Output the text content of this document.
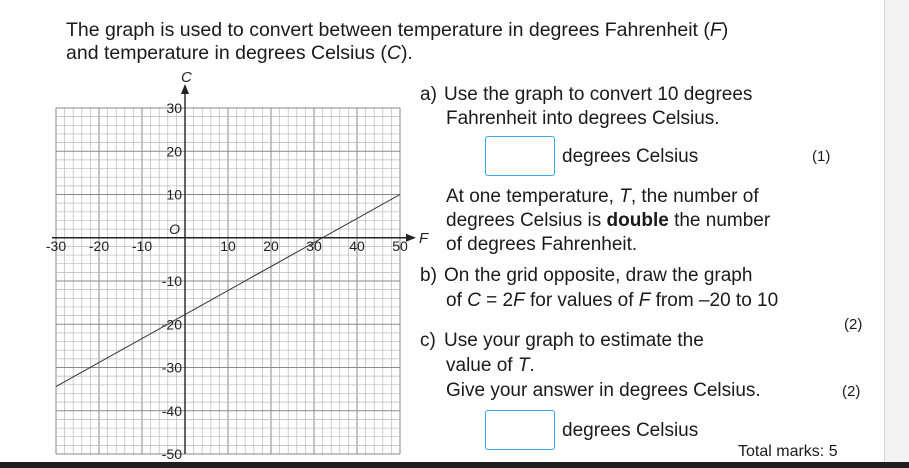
The graph is used to convert between temperature in degrees Fahrenheit (F)
and temperature in degrees Celsius (C).
F
C
-30 -20 -10	10 20 30 40 50
30
20
10
-10
-20
-30
-40
-50
O
a) Use the graph to convert 10 degrees
Fahrenheit into degrees Celsius.
degrees Celsius	(1)
At one temperature, T, the number of
degrees Celsius is double the number
of degrees Fahrenheit.
b) On the grid opposite, draw the graph
of C = 2F for values of F from –20 to 10
(2)
c) Use your graph to estimate the
value of T.
Give your answer in degrees Celsius.	(2)
degrees Celsius
Total marks: 5
